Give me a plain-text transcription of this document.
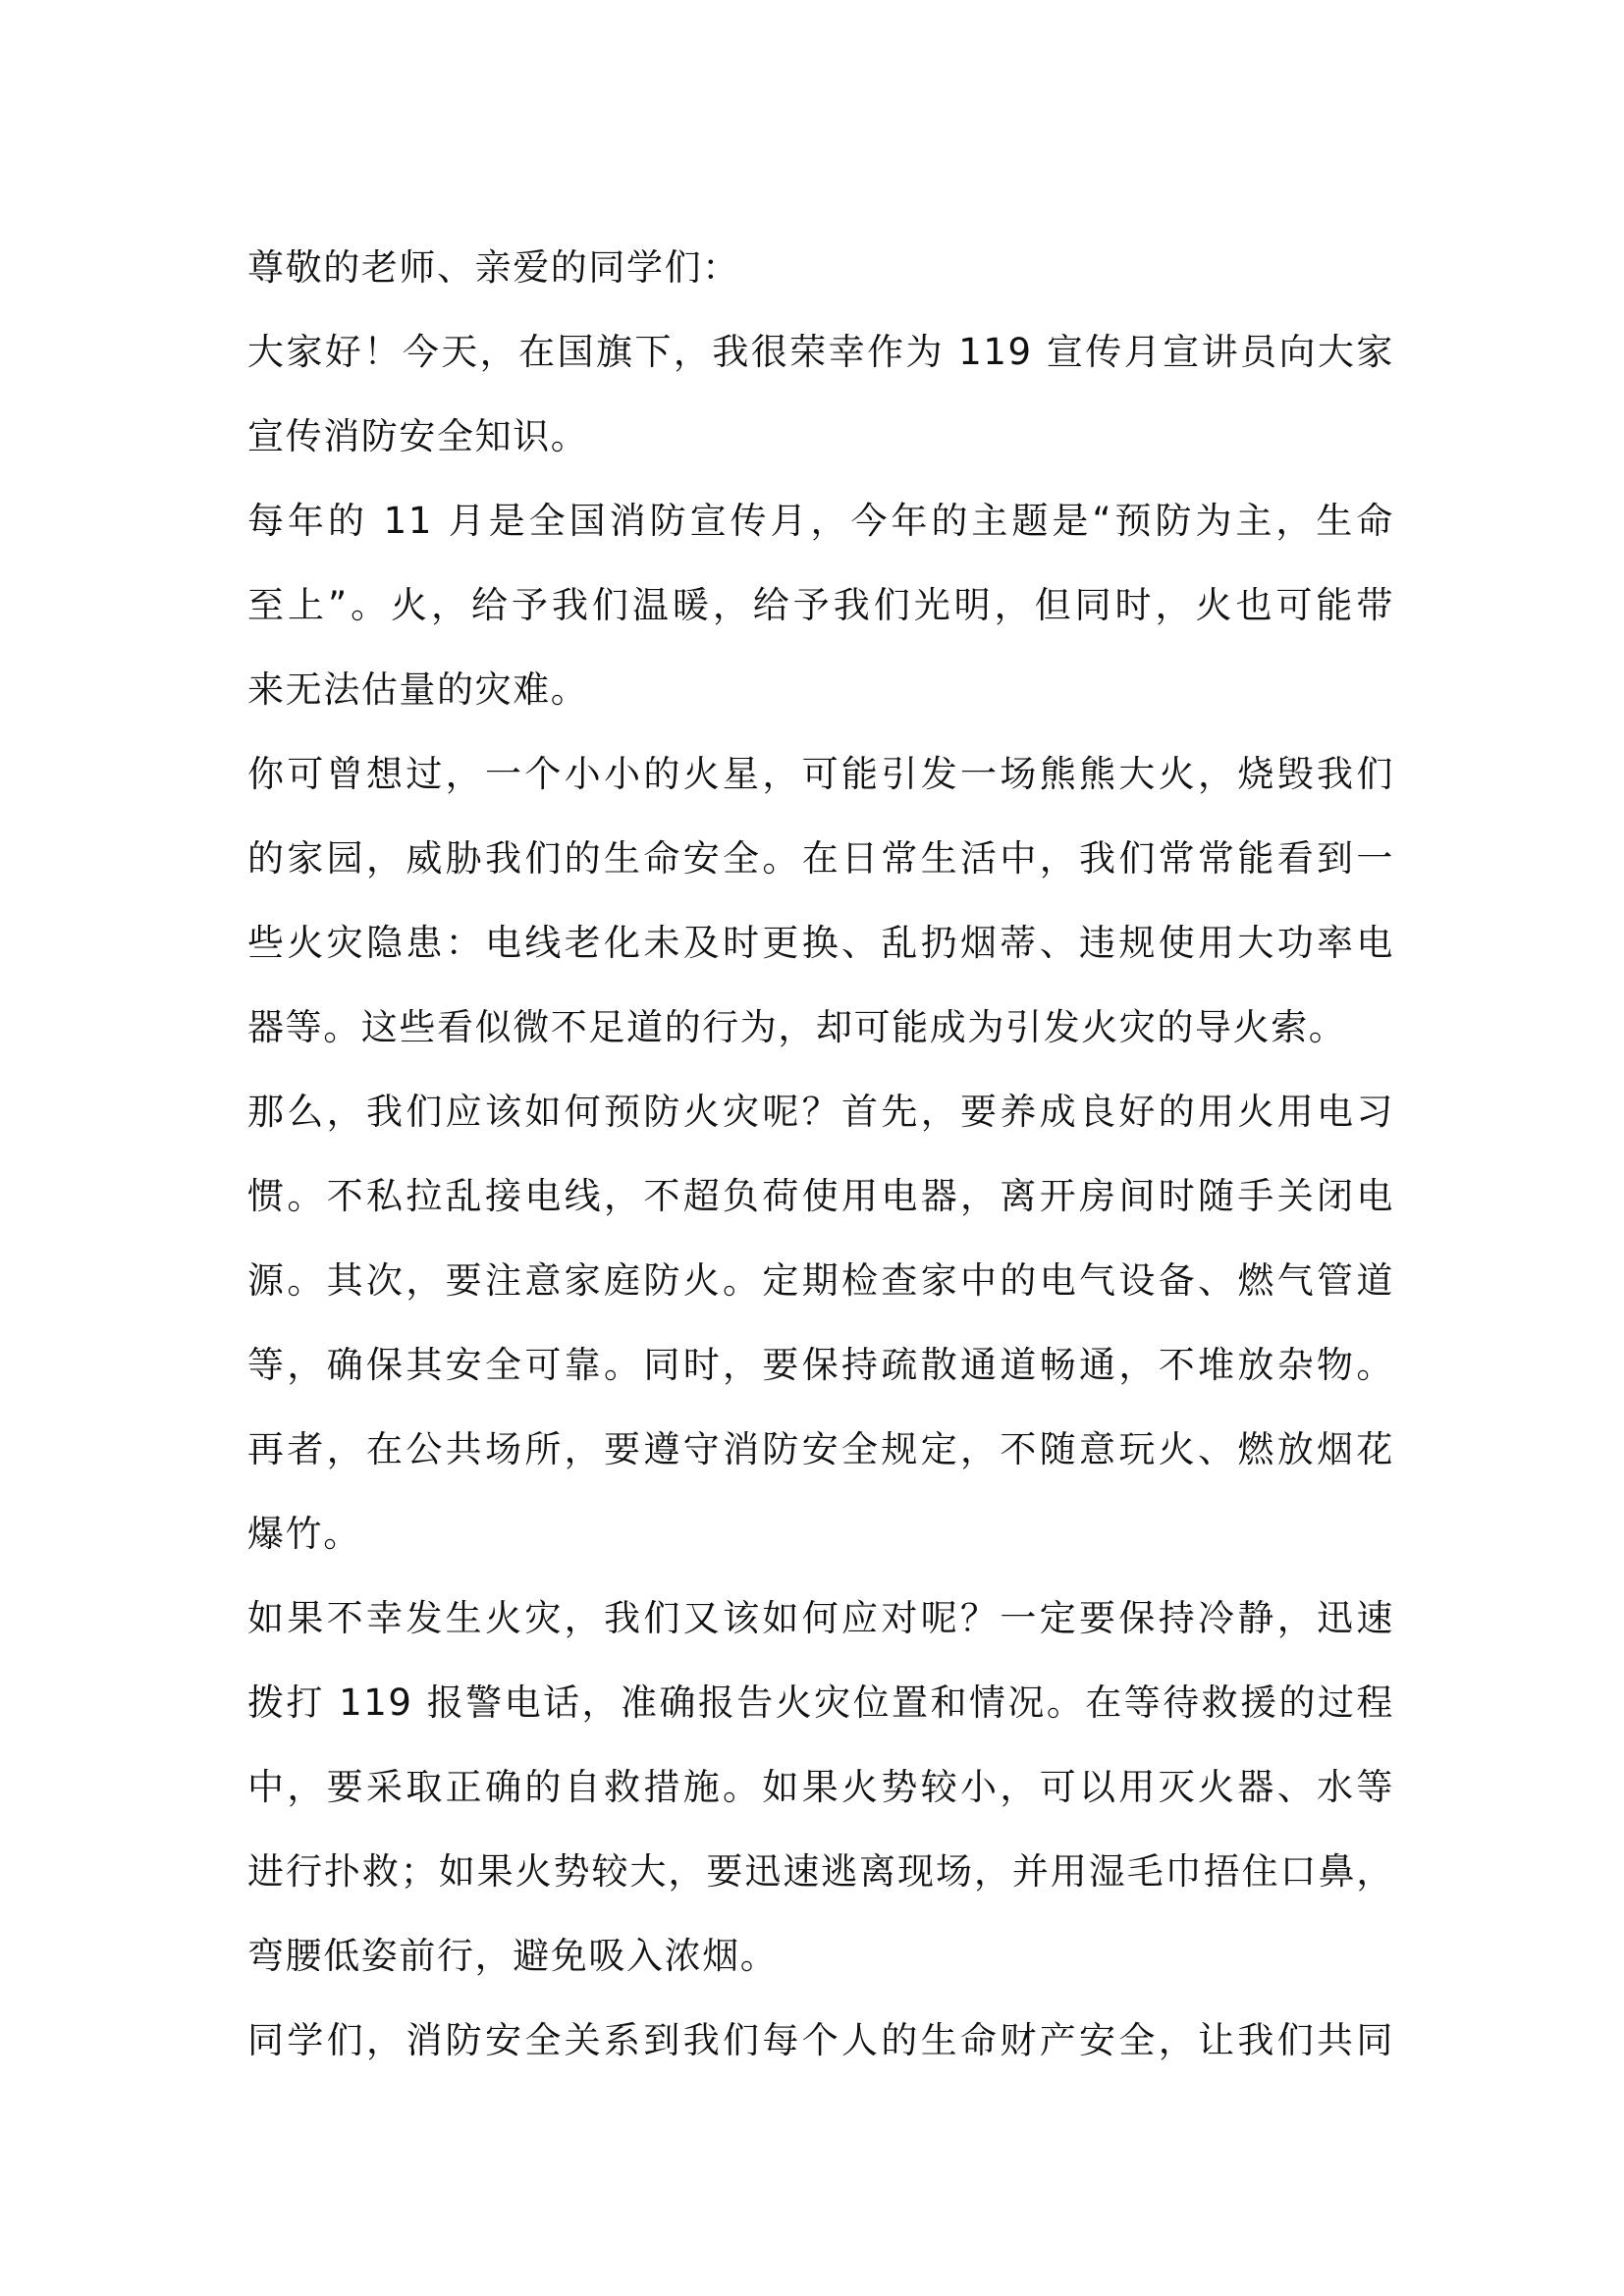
尊敬的老师、亲爱的同学们：

大家好！今天，在国旗下，我很荣幸作为 119 宣传月宣讲员向大家
宣传消防安全知识。

每年的 11 月是全国消防宣传月，今年的主题是“预防为主，生命
至上”。火，给予我们温暖，给予我们光明，但同时，火也可能带
来无法估量的灾难。

你可曾想过，一个小小的火星，可能引发一场熊熊大火，烧毁我们
的家园，威胁我们的生命安全。在日常生活中，我们常常能看到一
些火灾隐患：电线老化未及时更换、乱扔烟蒂、违规使用大功率电
器等。这些看似微不足道的行为，却可能成为引发火灾的导火索。

那么，我们应该如何预防火灾呢？首先，要养成良好的用火用电习
惯。不私拉乱接电线，不超负荷使用电器，离开房间时随手关闭电
源。其次，要注意家庭防火。定期检查家中的电气设备、燃气管道
等，确保其安全可靠。同时，要保持疏散通道畅通，不堆放杂物。
再者，在公共场所，要遵守消防安全规定，不随意玩火、燃放烟花
爆竹。

如果不幸发生火灾，我们又该如何应对呢？一定要保持冷静，迅速
拨打 119 报警电话，准确报告火灾位置和情况。在等待救援的过程
中，要采取正确的自救措施。如果火势较小，可以用灭火器、水等
进行扑救；如果火势较大，要迅速逃离现场，并用湿毛巾捂住口鼻，
弯腰低姿前行，避免吸入浓烟。

同学们，消防安全关系到我们每个人的生命财产安全，让我们共同
